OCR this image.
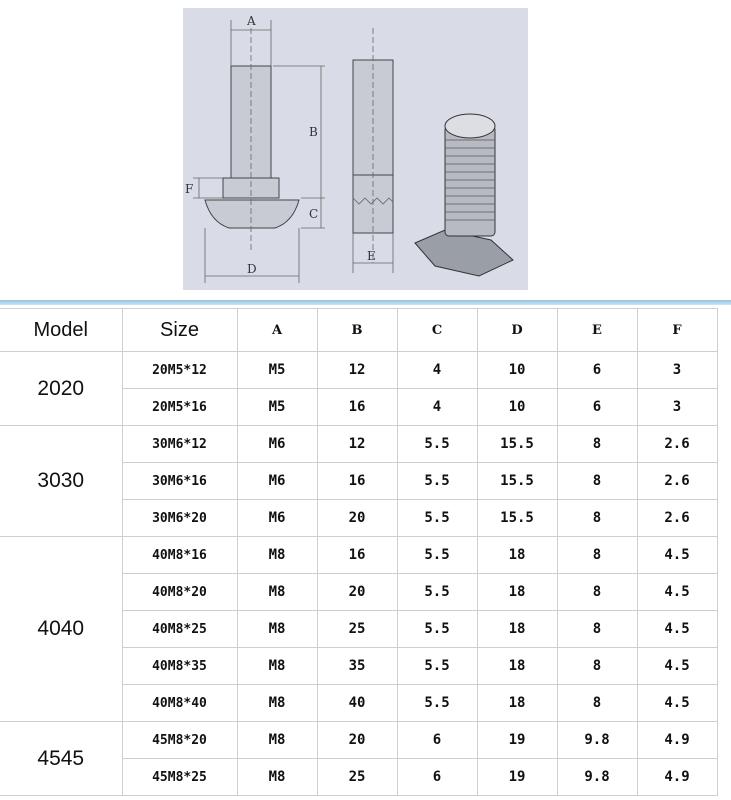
A
B
C
D
F
E
Model	Size	A	B	C	D	E	F
2020	20M5*12	M5	12	4	10	6	3
	20M5*16	M5	16	4	10	6	3
3030	30M6*12	M6	12	5.5	15.5	8	2.6
	30M6*16	M6	16	5.5	15.5	8	2.6
	30M6*20	M6	20	5.5	15.5	8	2.6
4040	40M8*16	M8	16	5.5	18	8	4.5
	40M8*20	M8	20	5.5	18	8	4.5
	40M8*25	M8	25	5.5	18	8	4.5
	40M8*35	M8	35	5.5	18	8	4.5
	40M8*40	M8	40	5.5	18	8	4.5
4545	45M8*20	M8	20	6	19	9.8	4.9
	45M8*25	M8	25	6	19	9.8	4.9
